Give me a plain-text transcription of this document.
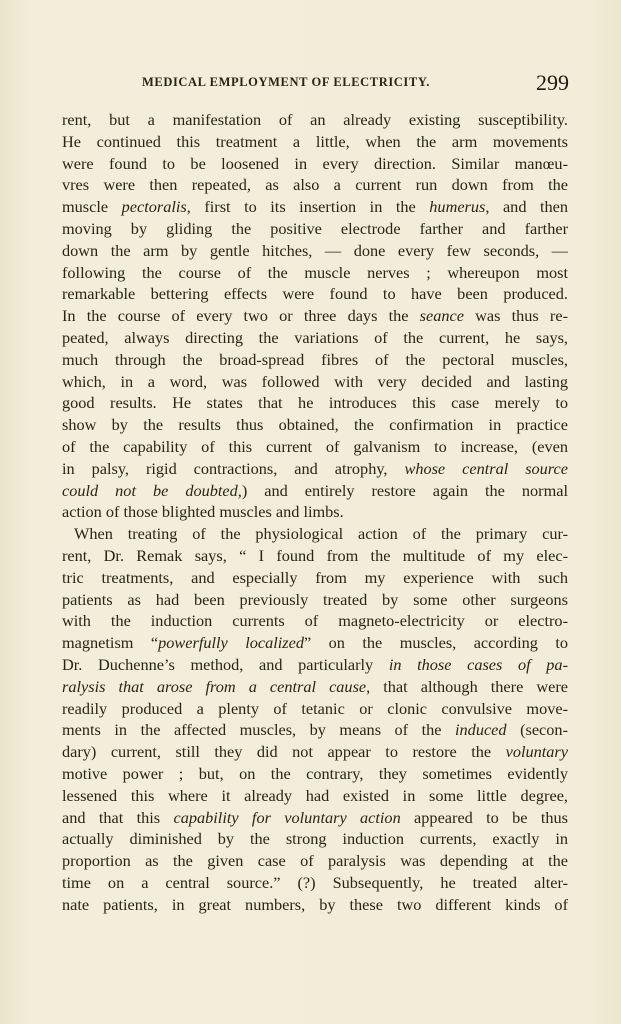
MEDICAL EMPLOYMENT OF ELECTRICITY.	299
rent, but a manifestation of an already existing susceptibility.
He continued this treatment a little, when the arm movements
were found to be loosened in every direction. Similar manœu-
vres were then repeated, as also a current run down from the
muscle pectoralis, first to its insertion in the humerus, and then
moving by gliding the positive electrode farther and farther
down the arm by gentle hitches, — done every few seconds, —
following the course of the muscle nerves ; whereupon most
remarkable bettering effects were found to have been produced.
In the course of every two or three days the seance was thus re-
peated, always directing the variations of the current, he says,
much through the broad-spread fibres of the pectoral muscles,
which, in a word, was followed with very decided and lasting
good results. He states that he introduces this case merely to
show by the results thus obtained, the confirmation in practice
of the capability of this current of galvanism to increase, (even
in palsy, rigid contractions, and atrophy, whose central source
could not be doubted,) and entirely restore again the normal
action of those blighted muscles and limbs.
When treating of the physiological action of the primary cur-
rent, Dr. Remak says, “ I found from the multitude of my elec-
tric treatments, and especially from my experience with such
patients as had been previously treated by some other surgeons
with the induction currents of magneto-electricity or electro-
magnetism “powerfully localized” on the muscles, according to
Dr. Duchenne’s method, and particularly in those cases of pa-
ralysis that arose from a central cause, that although there were
readily produced a plenty of tetanic or clonic convulsive move-
ments in the affected muscles, by means of the induced (secon-
dary) current, still they did not appear to restore the voluntary
motive power ; but, on the contrary, they sometimes evidently
lessened this where it already had existed in some little degree,
and that this capability for voluntary action appeared to be thus
actually diminished by the strong induction currents, exactly in
proportion as the given case of paralysis was depending at the
time on a central source.” (?) Subsequently, he treated alter-
nate patients, in great numbers, by these two different kinds of
